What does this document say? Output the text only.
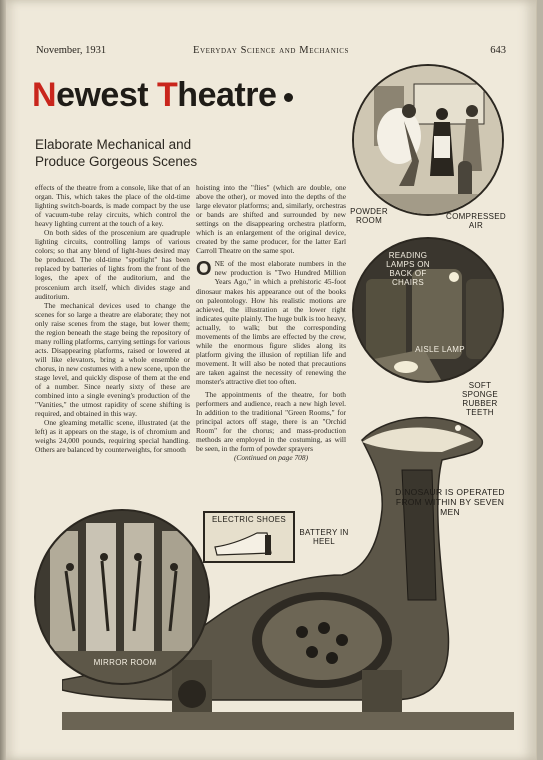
November, 1931	Everyday Science and Mechanics	643
Newest Theatre
Elaborate Mechanical and Produce Gorgeous Scenes

effects of the theatre from a console, like that of an organ. This, which takes the place of the old-time lighting switch-boards, is made compact by the use of vacuum-tube relay circuits, which control the heavy lighting current at the touch of a key.

On both sides of the proscenium are quadruple lighting circuits, controlling lamps of various colors; so that any blend of light-hues desired may be produced. The old-time "spotlight" has been replaced by batteries of lights from the front of the loges, the apex of the auditorium, and the proscenium arch itself, which divides stage and auditorium.

The mechanical devices used to change the scenes for so large a theatre are elaborate; they not only raise scenes from the stage, but lower them; the region beneath the stage being the repository of many rolling platforms, carrying settings for various acts. Disappearing platforms, raised or lowered at will like elevators, bring a whole ensemble or chorus, in new costumes with a new scene, upon the stage level, and quickly dispose of them at the end of a number. Since nearly sixty of these are combined into a single evening's production of the "Vanities," the utmost rapidity of scene shifting is required, and obtained in this way.

One gleaming metallic scene, illustrated (at the left) as it appears on the stage, is of chromium and weighs 24,000 pounds, requiring special handling. Others are balanced by counterweights, for smooth

hoisting into the "flies" (which are double, one above the other), or moved into the depths of the large elevator platforms; and, similarly, orchestras or bands are shifted and surrounded by new settings on the disappearing orchestra platform, which is an enlargement of the original device, created by the same producer, for the latter Earl Carroll Theatre on the same spot.

ONE of the most elaborate numbers in the new production is "Two Hundred Million Years Ago," in which a prehistoric 45-foot dinosaur makes his appearance out of the books on paleontology. How his realistic motions are achieved, the illustration at the lower right indicates quite plainly. The huge bulk is too heavy, actually, to walk; but the corresponding movements of the limbs are effected by the crew, while the enormous figure slides along its platform giving the illusion of reptilian life and movement. It will also be noted that precautions are taken against the necessity of renewing the monster's attractive diet too often.

The appointments of the theatre, for both performers and audience, reach a new high level. In addition to the traditional "Green Rooms," for principal actors off stage, there is an "Orchid Room" for the chorus; and mass-production methods are employed in the costuming, as will be seen, in the form of powder sprayers

(Continued on page 708)

POWDER ROOM	COMPRESSED AIR
READING LAMPS ON BACK OF CHAIRS
AISLE LAMP
SOFT SPONGE RUBBER TEETH
DINOSAUR IS OPERATED FROM WITHIN BY SEVEN MEN
ELECTRIC SHOES
BATTERY IN HEEL
MIRROR ROOM
